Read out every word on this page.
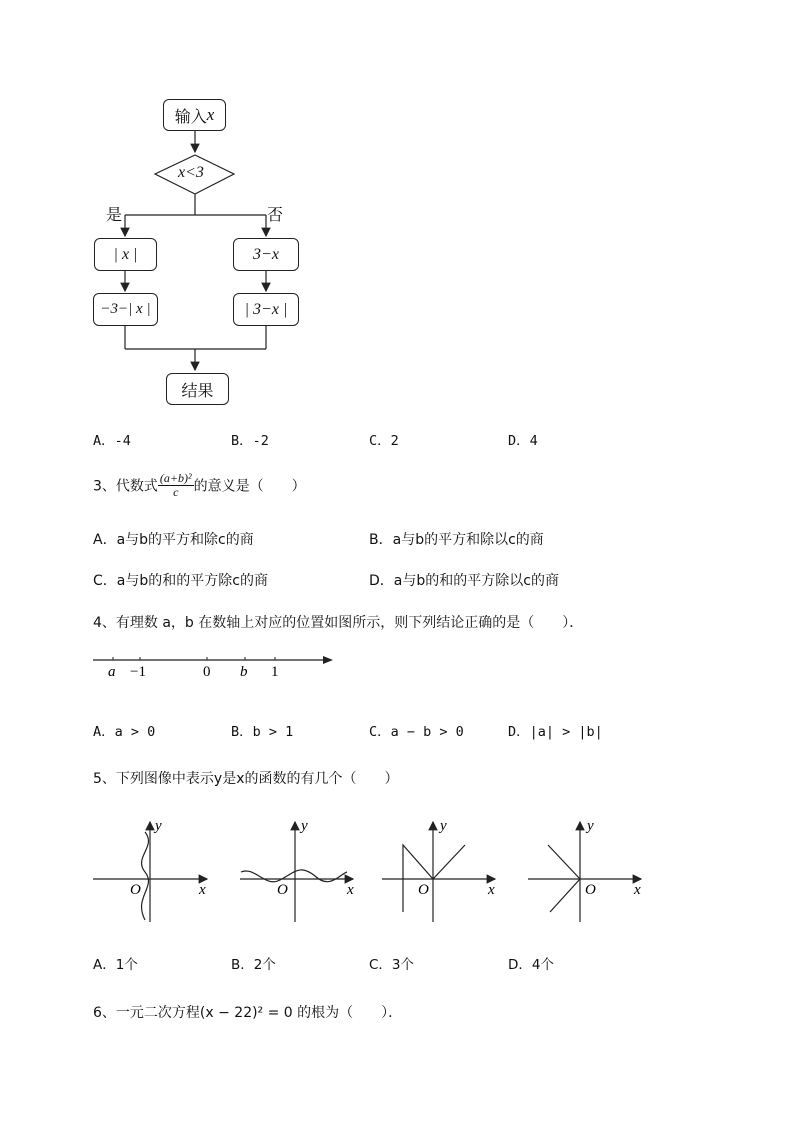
输入 x
x<3
是	否
| x |	3−x
−3−| x |	| 3−x |
结果
A．-4	B．-2	C．2	D．4
3、代数式 $\frac{\text{(a+b)²}}{c}$ 的意义是（　　）
A．a与b的平方和除c的商	B．a与b的平方和除以c的商
C．a与b的和的平方除c的商	D．a与b的和的平方除以c的商
4、有理数 a，b 在数轴上对应的位置如图所示，则下列结论正确的是（　　）．
a −1	0 b 1
A．a > 0	B．b > 1	C．a − b > 0	D．|a| > |b|
5、下列图像中表示y是x的函数的有几个（　　）
y
x
O
y
x
O
y
x
O
y
x
O
A．1个	B．2个	C．3个	D．4个
6、一元二次方程(x − 22)² = 0 的根为（　　）．
